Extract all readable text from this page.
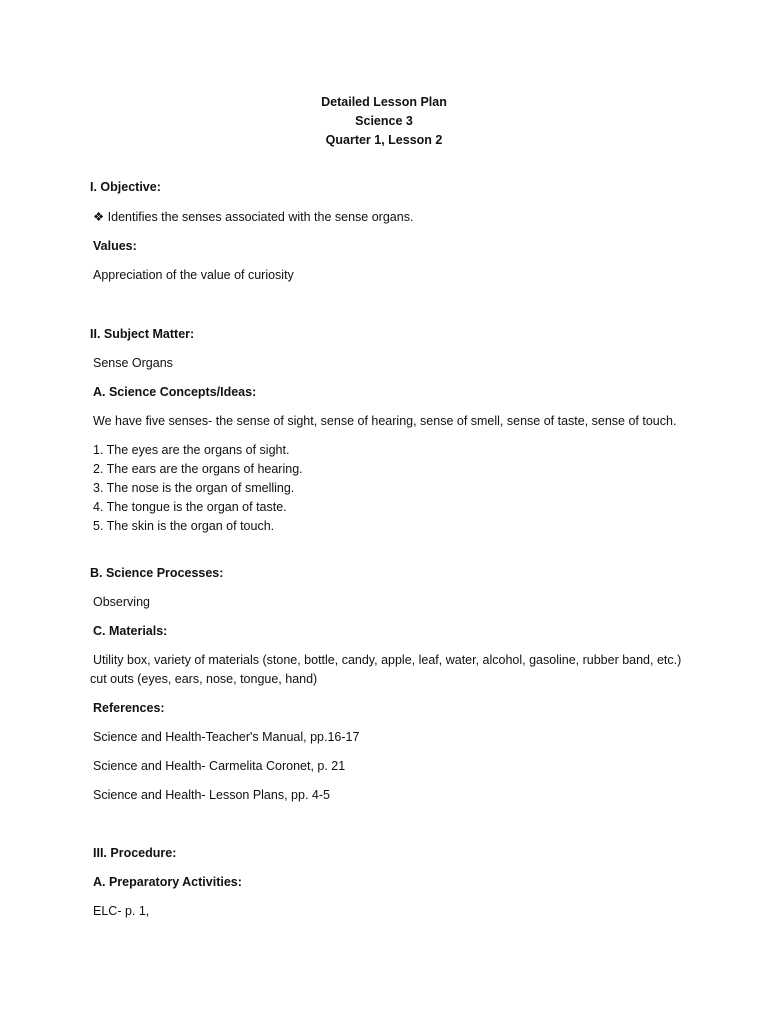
Detailed Lesson Plan
Science 3
Quarter 1, Lesson 2
I. Objective:
❖ Identifies the senses associated with the sense organs.
Values:
Appreciation of the value of curiosity
II. Subject Matter:
Sense Organs
A. Science Concepts/Ideas:
We have five senses- the sense of sight, sense of hearing, sense of smell, sense of taste, sense of touch.
1. The eyes are the organs of sight.
2. The ears are the organs of hearing.
3. The nose is the organ of smelling.
4. The tongue is the organ of taste.
5. The skin is the organ of touch.
B. Science Processes:
Observing
C. Materials:
Utility box, variety of materials (stone, bottle, candy, apple, leaf, water, alcohol, gasoline, rubber band, etc.) cut outs (eyes, ears, nose, tongue, hand)
References:
Science and Health-Teacher's Manual, pp.16-17
Science and Health- Carmelita Coronet, p. 21
Science and Health- Lesson Plans, pp. 4-5
III. Procedure:
A. Preparatory Activities:
ELC- p. 1,
